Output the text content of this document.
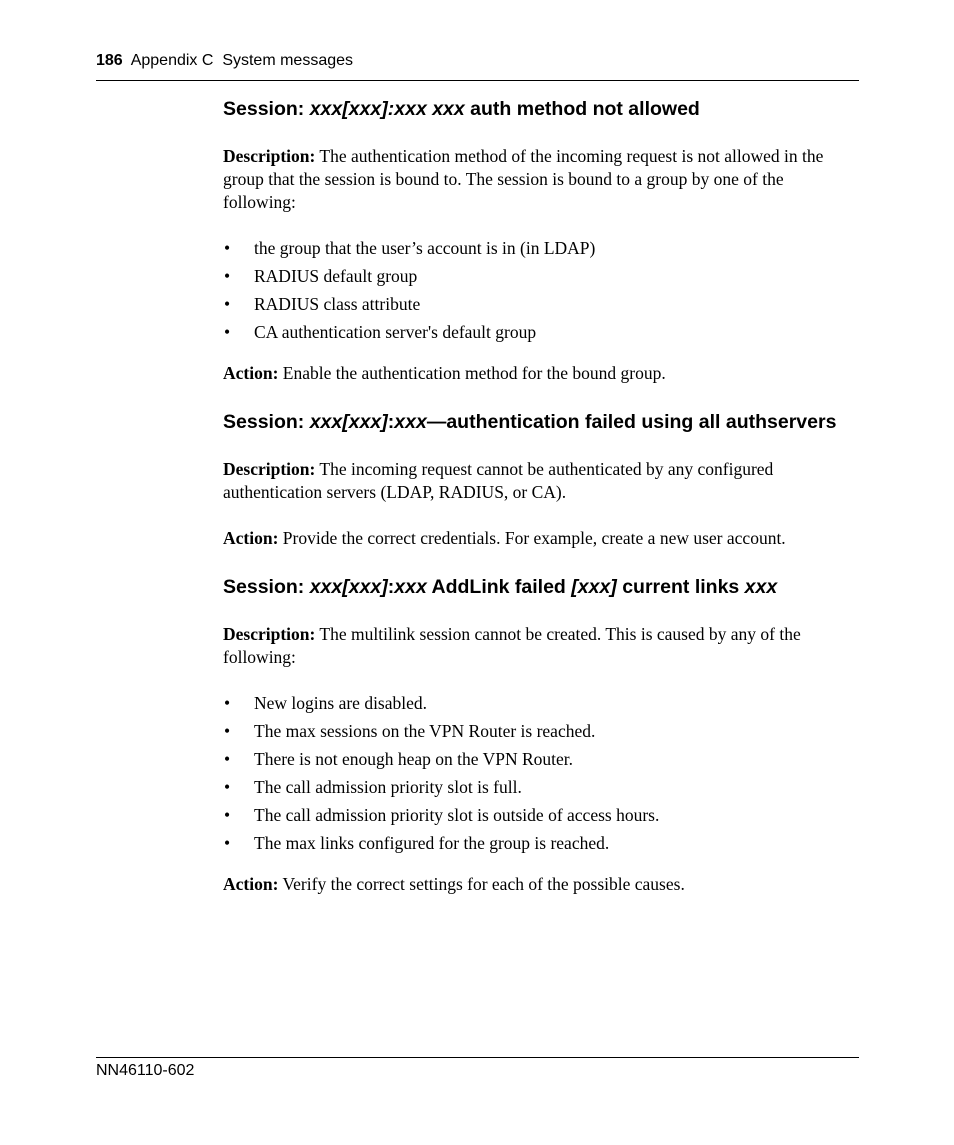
186 Appendix C  System messages
Session: xxx[xxx]:xxx xxx auth method not allowed

Description: The authentication method of the incoming request is not allowed in the group that the session is bound to. The session is bound to a group by one of the following:

• the group that the user’s account is in (in LDAP)
• RADIUS default group
• RADIUS class attribute
• CA authentication server's default group

Action: Enable the authentication method for the bound group.

Session: xxx[xxx]:xxx—authentication failed using all authservers

Description: The incoming request cannot be authenticated by any configured authentication servers (LDAP, RADIUS, or CA).

Action: Provide the correct credentials. For example, create a new user account.

Session: xxx[xxx]:xxx AddLink failed [xxx] current links xxx

Description: The multilink session cannot be created. This is caused by any of the following:

• New logins are disabled.
• The max sessions on the VPN Router is reached.
• There is not enough heap on the VPN Router.
• The call admission priority slot is full.
• The call admission priority slot is outside of access hours.
• The max links configured for the group is reached.

Action: Verify the correct settings for each of the possible causes.

NN46110-602
